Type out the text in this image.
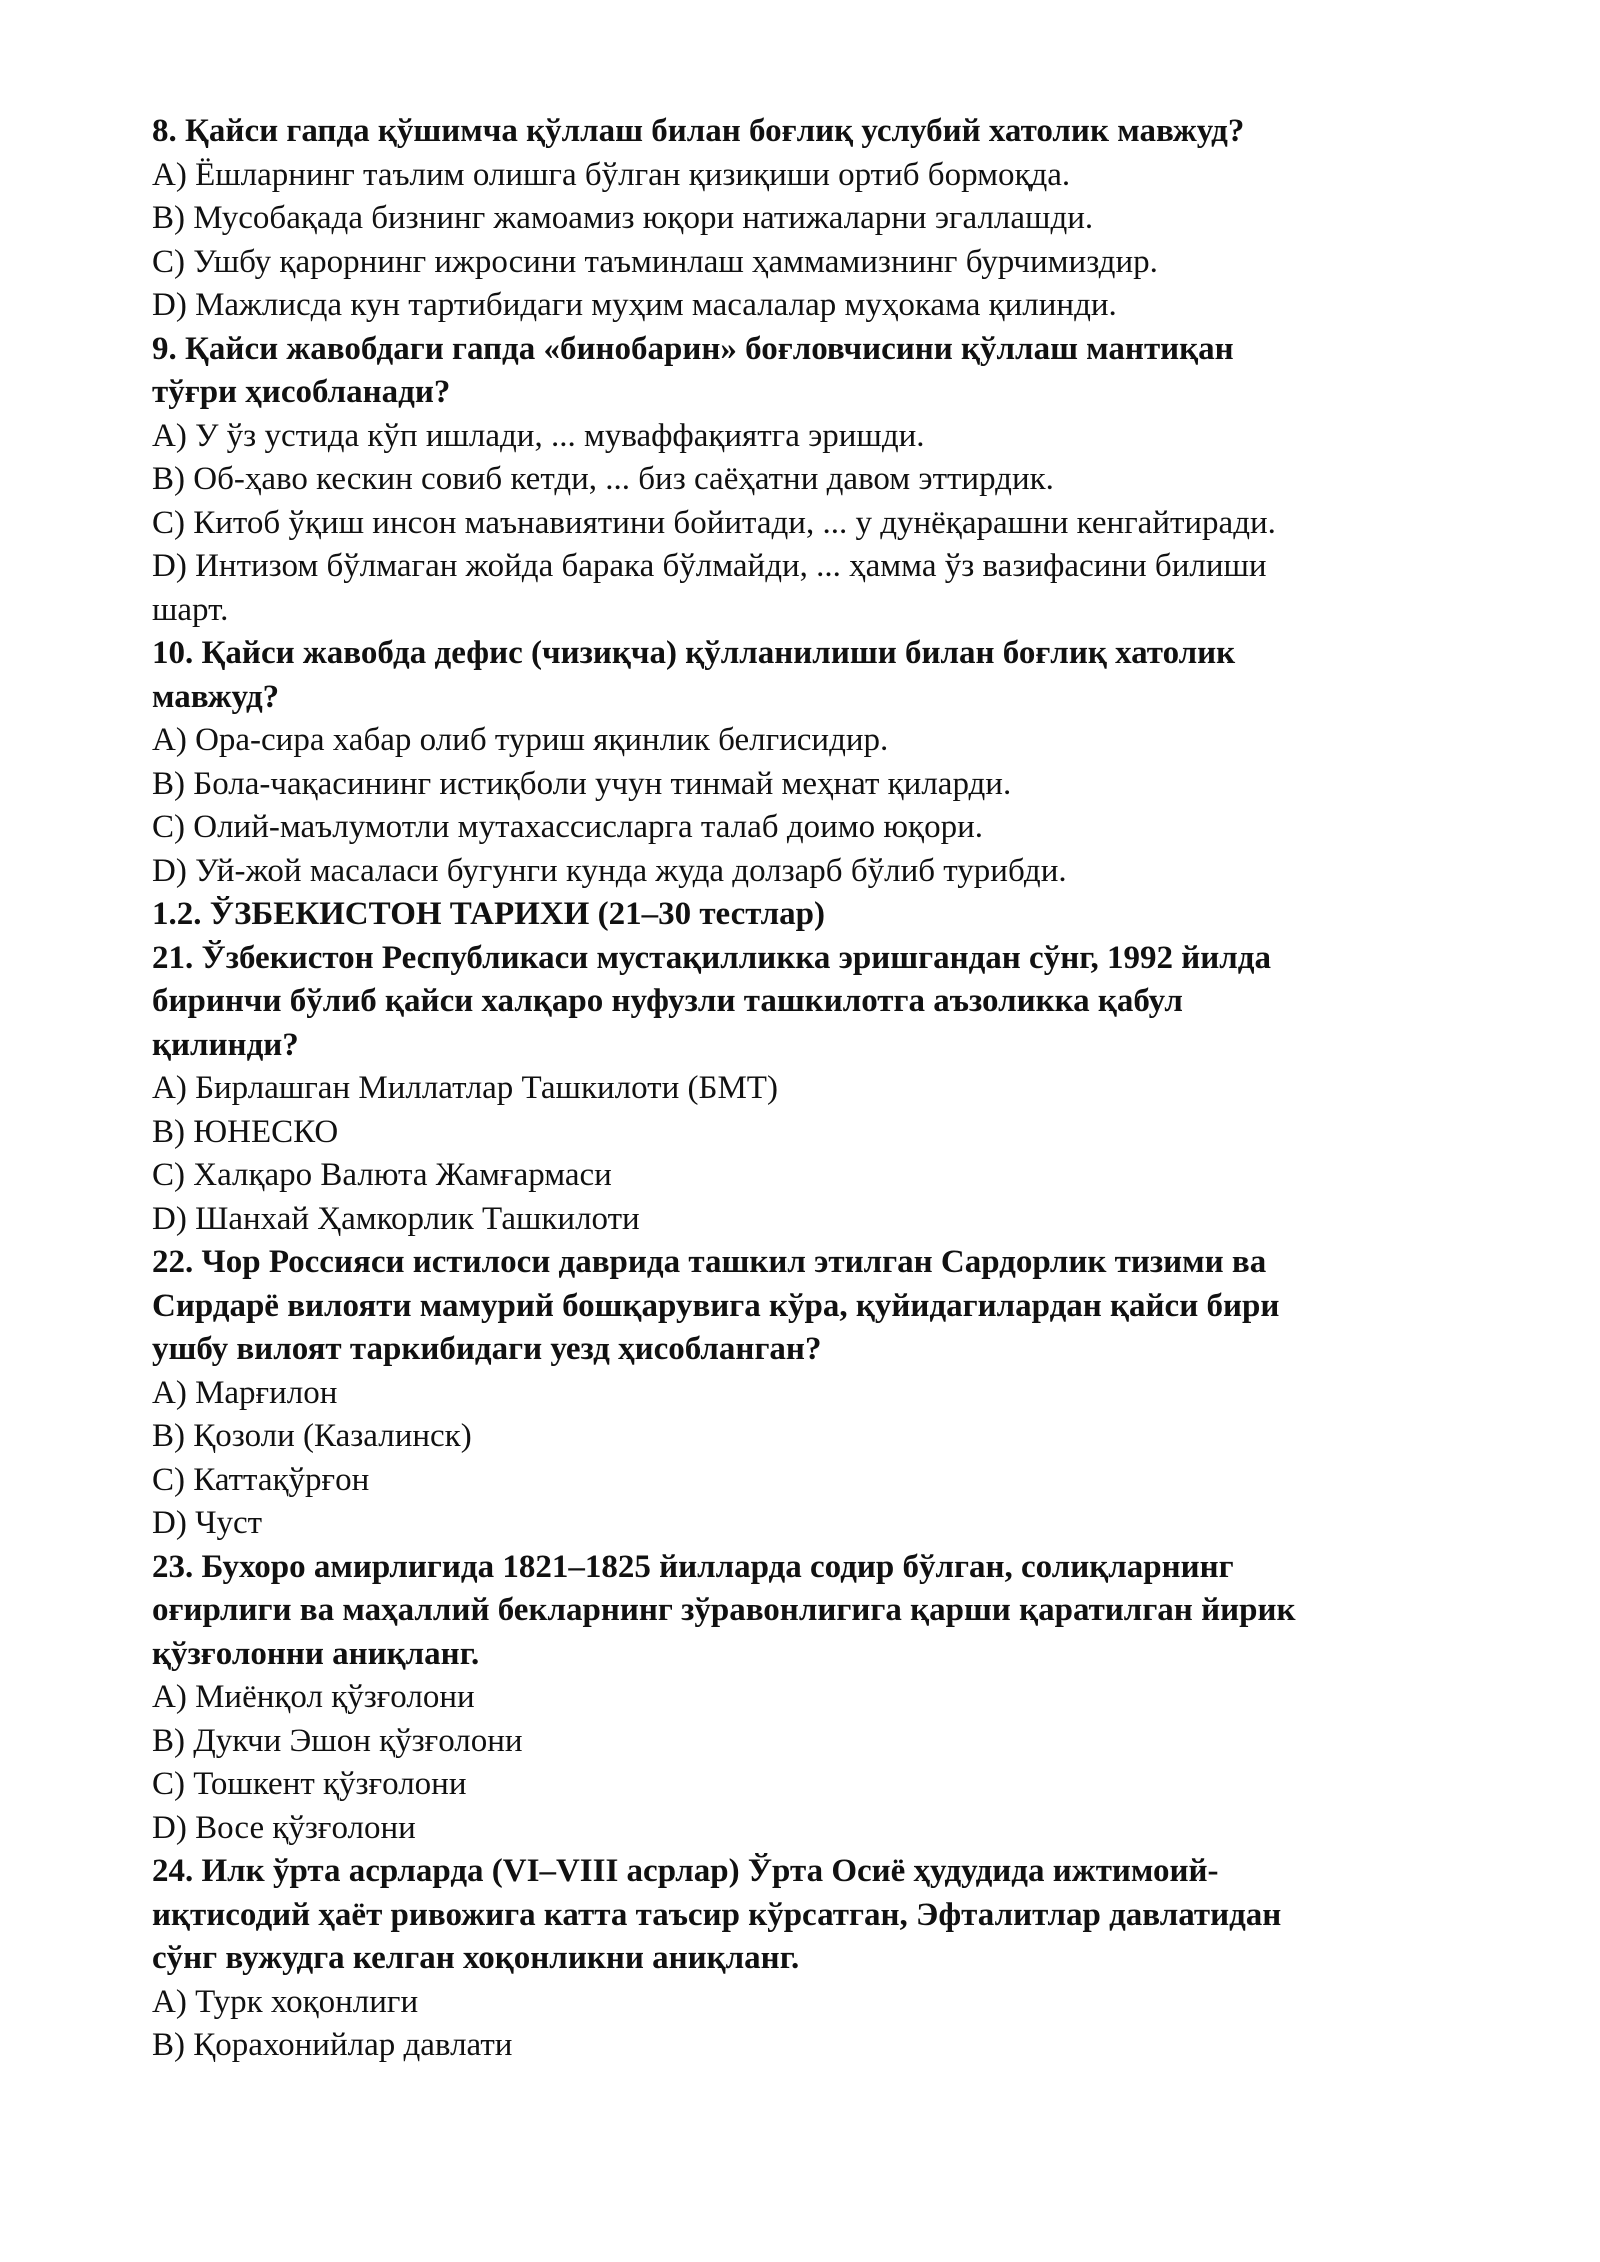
8. Қайси гапда қўшимча қўллаш билан боғлиқ услубий хатолик мавжуд?
A) Ёшларнинг таълим олишга бўлган қизиқиши ортиб бормоқда.
B) Мусобақада бизнинг жамоамиз юқори натижаларни эгаллашди.
C) Ушбу қарорнинг ижросини таъминлаш ҳаммамизнинг бурчимиздир.
D) Мажлисда кун тартибидаги муҳим масалалар муҳокама қилинди.
9. Қайси жавобдаги гапда «бинобарин» боғловчисини қўллаш мантиқан
тўғри ҳисобланади?
A) У ўз устида кўп ишлади, ... муваффақиятга эришди.
B) Об-ҳаво кескин совиб кетди, ... биз саёҳатни давом эттирдик.
C) Китоб ўқиш инсон маънавиятини бойитади, ... у дунёқарашни кенгайтиради.
D) Интизом бўлмаган жойда барака бўлмайди, ... ҳамма ўз вазифасини билиши
шарт.
10. Қайси жавобда дефис (чизиқча) қўлланилиши билан боғлиқ хатолик
мавжуд?
A) Ора-сира хабар олиб туриш яқинлик белгисидир.
B) Бола-чақасининг истиқболи учун тинмай меҳнат қиларди.
C) Олий-маълумотли мутахассисларга талаб доимо юқори.
D) Уй-жой масаласи бугунги кунда жуда долзарб бўлиб турибди.
1.2. ЎЗБЕКИСТОН ТАРИХИ (21–30 тестлар)
21. Ўзбекистон Республикаси мустақилликка эришгандан сўнг, 1992 йилда
биринчи бўлиб қайси халқаро нуфузли ташкилотга аъзоликка қабул
қилинди?
A) Бирлашган Миллатлар Ташкилоти (БМТ)
B) ЮНЕСКО
C) Халқаро Валюта Жамғармаси
D) Шанхай Ҳамкорлик Ташкилоти
22. Чор Россияси истилоси даврида ташкил этилган Сардорлик тизими ва
Сирдарё вилояти мамурий бошқарувига кўра, қуйидагилардан қайси бири
ушбу вилоят таркибидаги уезд ҳисобланган?
A) Марғилон
B) Қозоли (Казалинск)
C) Каттақўрғон
D) Чуст
23. Бухоро амирлигида 1821–1825 йилларда содир бўлган, солиқларнинг
оғирлиги ва маҳаллий бекларнинг зўравонлигига қарши қаратилган йирик
қўзғолонни аниқланг.
A) Миёнқол қўзғолони
B) Дукчи Эшон қўзғолони
C) Тошкент қўзғолони
D) Восе қўзғолони
24. Илк ўрта асрларда (VI–VIII асрлар) Ўрта Осиё ҳудудида ижтимоий-
иқтисодий ҳаёт ривожига катта таъсир кўрсатган, Эфталитлар давлатидан
сўнг вужудга келган хоқонликни аниқланг.
A) Турк хоқонлиги
B) Қорахонийлар давлати
